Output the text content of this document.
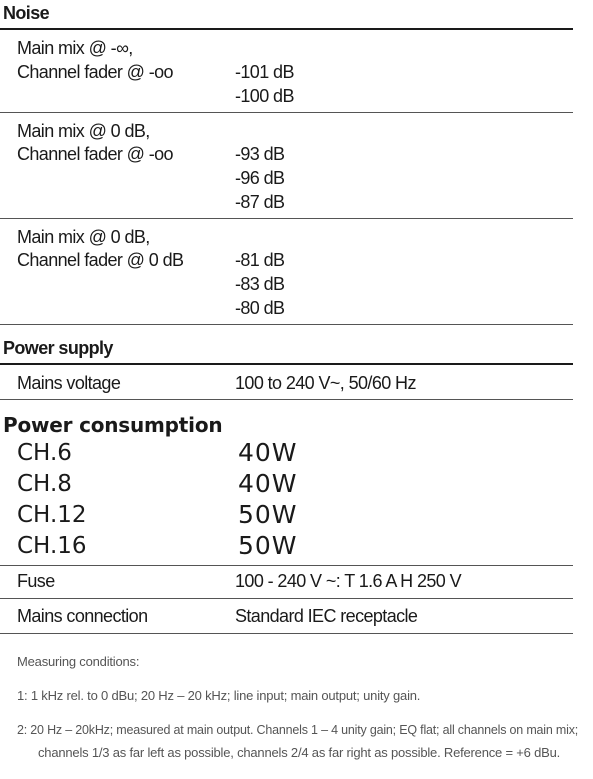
Noise
Main mix @ -∞,
Channel fader @ -oo	-101 dB
-100 dB
Main mix @ 0 dB,
Channel fader @ -oo	-93 dB
-96 dB
-87 dB
Main mix @ 0 dB,
Channel fader @ 0 dB	-81 dB
-83 dB
-80 dB
Power supply
Mains voltage	100 to 240 V~, 50/60 Hz
Power consumption
CH.6	40W
CH.8	40W
CH.12	50W
CH.16	50W
Fuse	100 - 240 V ~: T 1.6 A H 250 V
Mains connection	Standard IEC receptacle
Measuring conditions:
1: 1 kHz rel. to 0 dBu; 20 Hz – 20 kHz; line input; main output; unity gain.
2: 20 Hz – 20kHz; measured at main output. Channels 1 – 4 unity gain; EQ flat; all channels on main mix;
channels 1/3 as far left as possible, channels 2/4 as far right as possible. Reference = +6 dBu.
